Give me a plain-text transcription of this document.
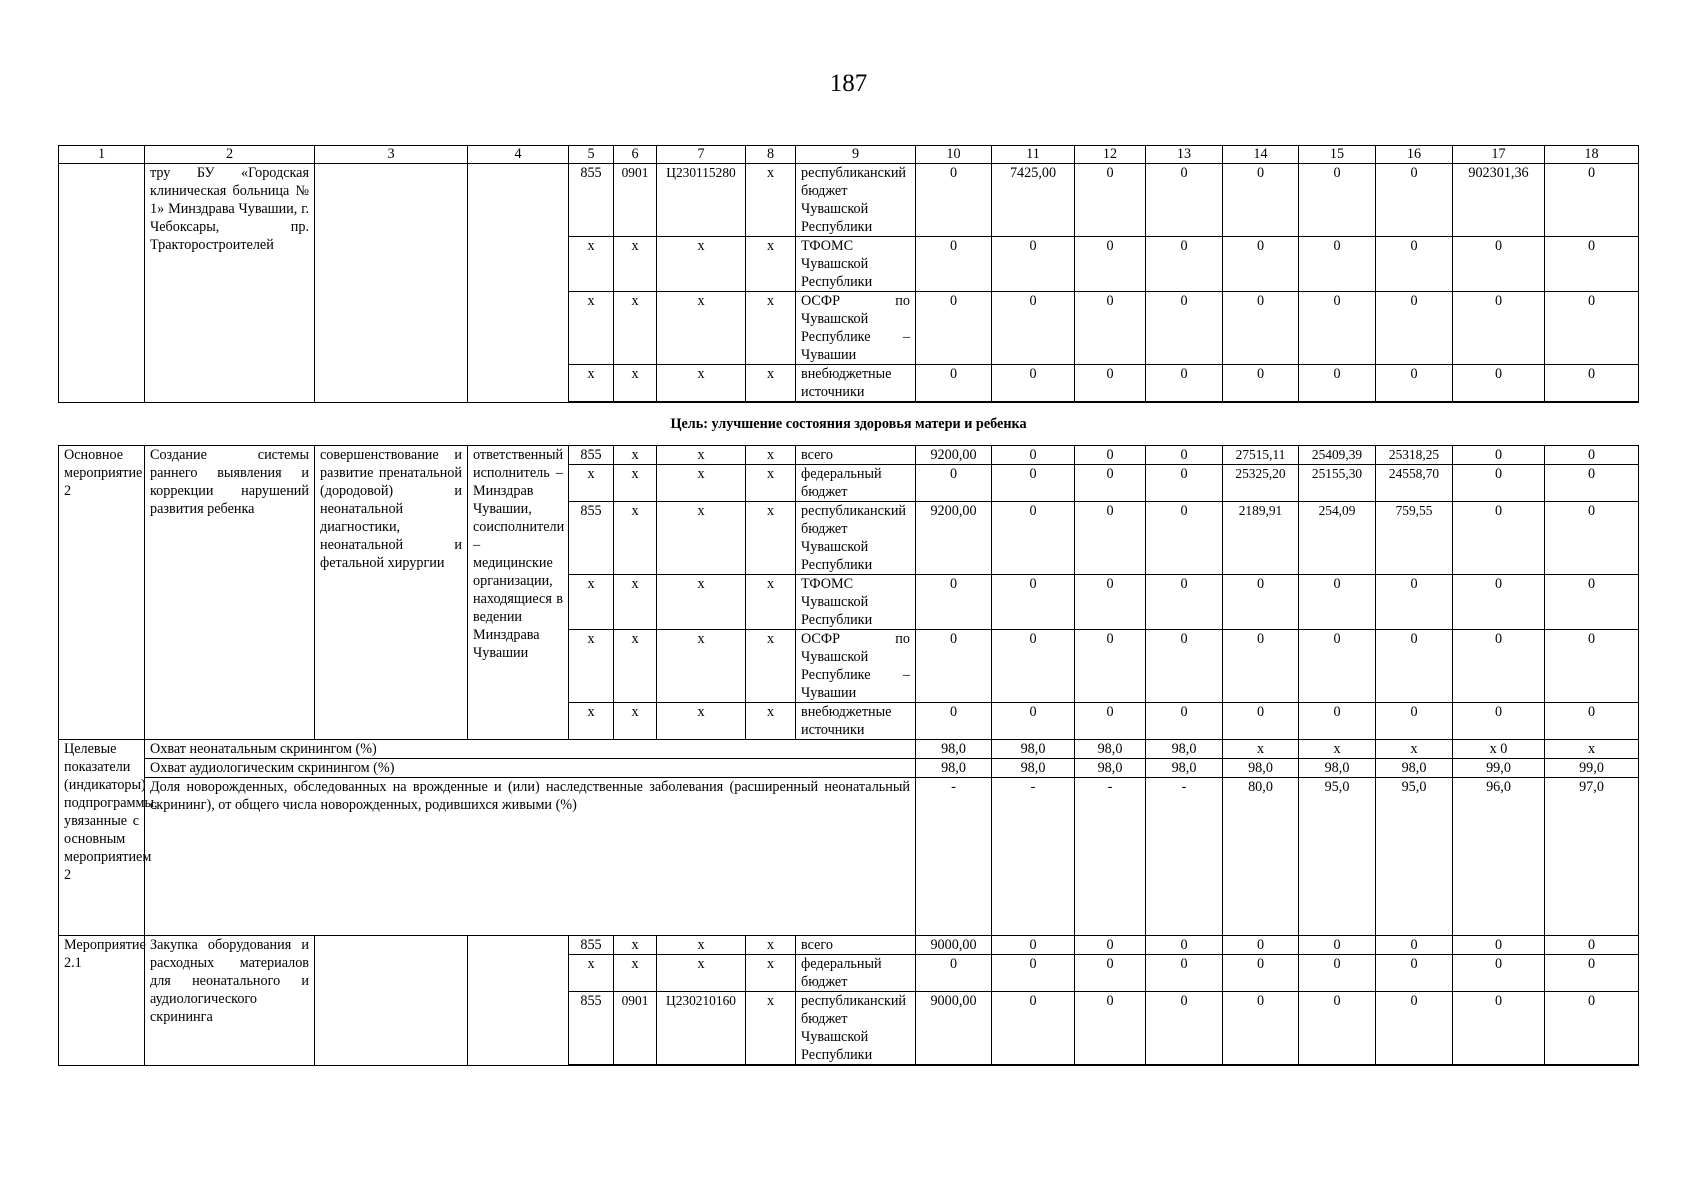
187
1	2	3	4	5	6	7	8	9	10	11	12	13	14	15	16	17	18
	тру БУ «Городская клиническая больница № 1» Минздрава Чувашии, г. Чебоксары, пр. Тракторостроителей			855	0901	Ц230115280	x	республиканский бюджет Чувашской Республики	0	7425,00	0	0	0	0	0	902301,36	0
				x	x	x	x	ТФОМС Чувашской Республики	0	0	0	0	0	0	0	0	0
				x	x	x	x	ОСФР по Чувашской Республике – Чувашии	0	0	0	0	0	0	0	0	0
				x	x	x	x	внебюджетные источники	0	0	0	0	0	0	0	0	0
Цель: улучшение состояния здоровья матери и ребенка																	
Основное мероприятие 2	Создание системы раннего выявления и коррекции нарушений развития ребенка	совершенствование и развитие пренатальной (дородовой) и неонатальной диагностики, неонатальной и фетальной хирургии	ответственный исполнитель – Минздрав Чувашии, соисполнители – медицинские организации, находящиеся в ведении Минздрава Чувашии	855	x	x	x	всего	9200,00	0	0	0	27515,11	25409,39	25318,25	0	0
				x	x	x	x	федеральный бюджет	0	0	0	0	25325,20	25155,30	24558,70	0	0
				855	x	x	x	республиканский бюджет Чувашской Республики	9200,00	0	0	0	2189,91	254,09	759,55	0	0
				x	x	x	x	ТФОМС Чувашской Республики	0	0	0	0	0	0	0	0	0
				x	x	x	x	ОСФР по Чувашской Республике – Чувашии	0	0	0	0	0	0	0	0	0
				x	x	x	x	внебюджетные источники	0	0	0	0	0	0	0	0	0
Целевые показатели (индикаторы) подпрограммы, увязанные с основным мероприятием 2	Охват неонатальным скринингом (%)								98,0	98,0	98,0	98,0	x	x	x	x 0	x
	Охват аудиологическим скринингом (%)								98,0	98,0	98,0	98,0	98,0	98,0	98,0	99,0	99,0
	Доля новорожденных, обследованных на врожденные и (или) наследственные заболевания (расширенный неонатальный скрининг), от общего числа новорожденных, родившихся живыми (%)								-	-	-	-	80,0	95,0	95,0	96,0	97,0
Мероприятие 2.1	Закупка оборудования и расходных материалов для неонатального и аудиологического скрининга			855	x	x	x	всего	9000,00	0	0	0	0	0	0	0	0
				x	x	x	x	федеральный бюджет	0	0	0	0	0	0	0	0	0
				855	0901	Ц230210160	x	республиканский бюджет Чувашской Республики	9000,00	0	0	0	0	0	0	0	0
